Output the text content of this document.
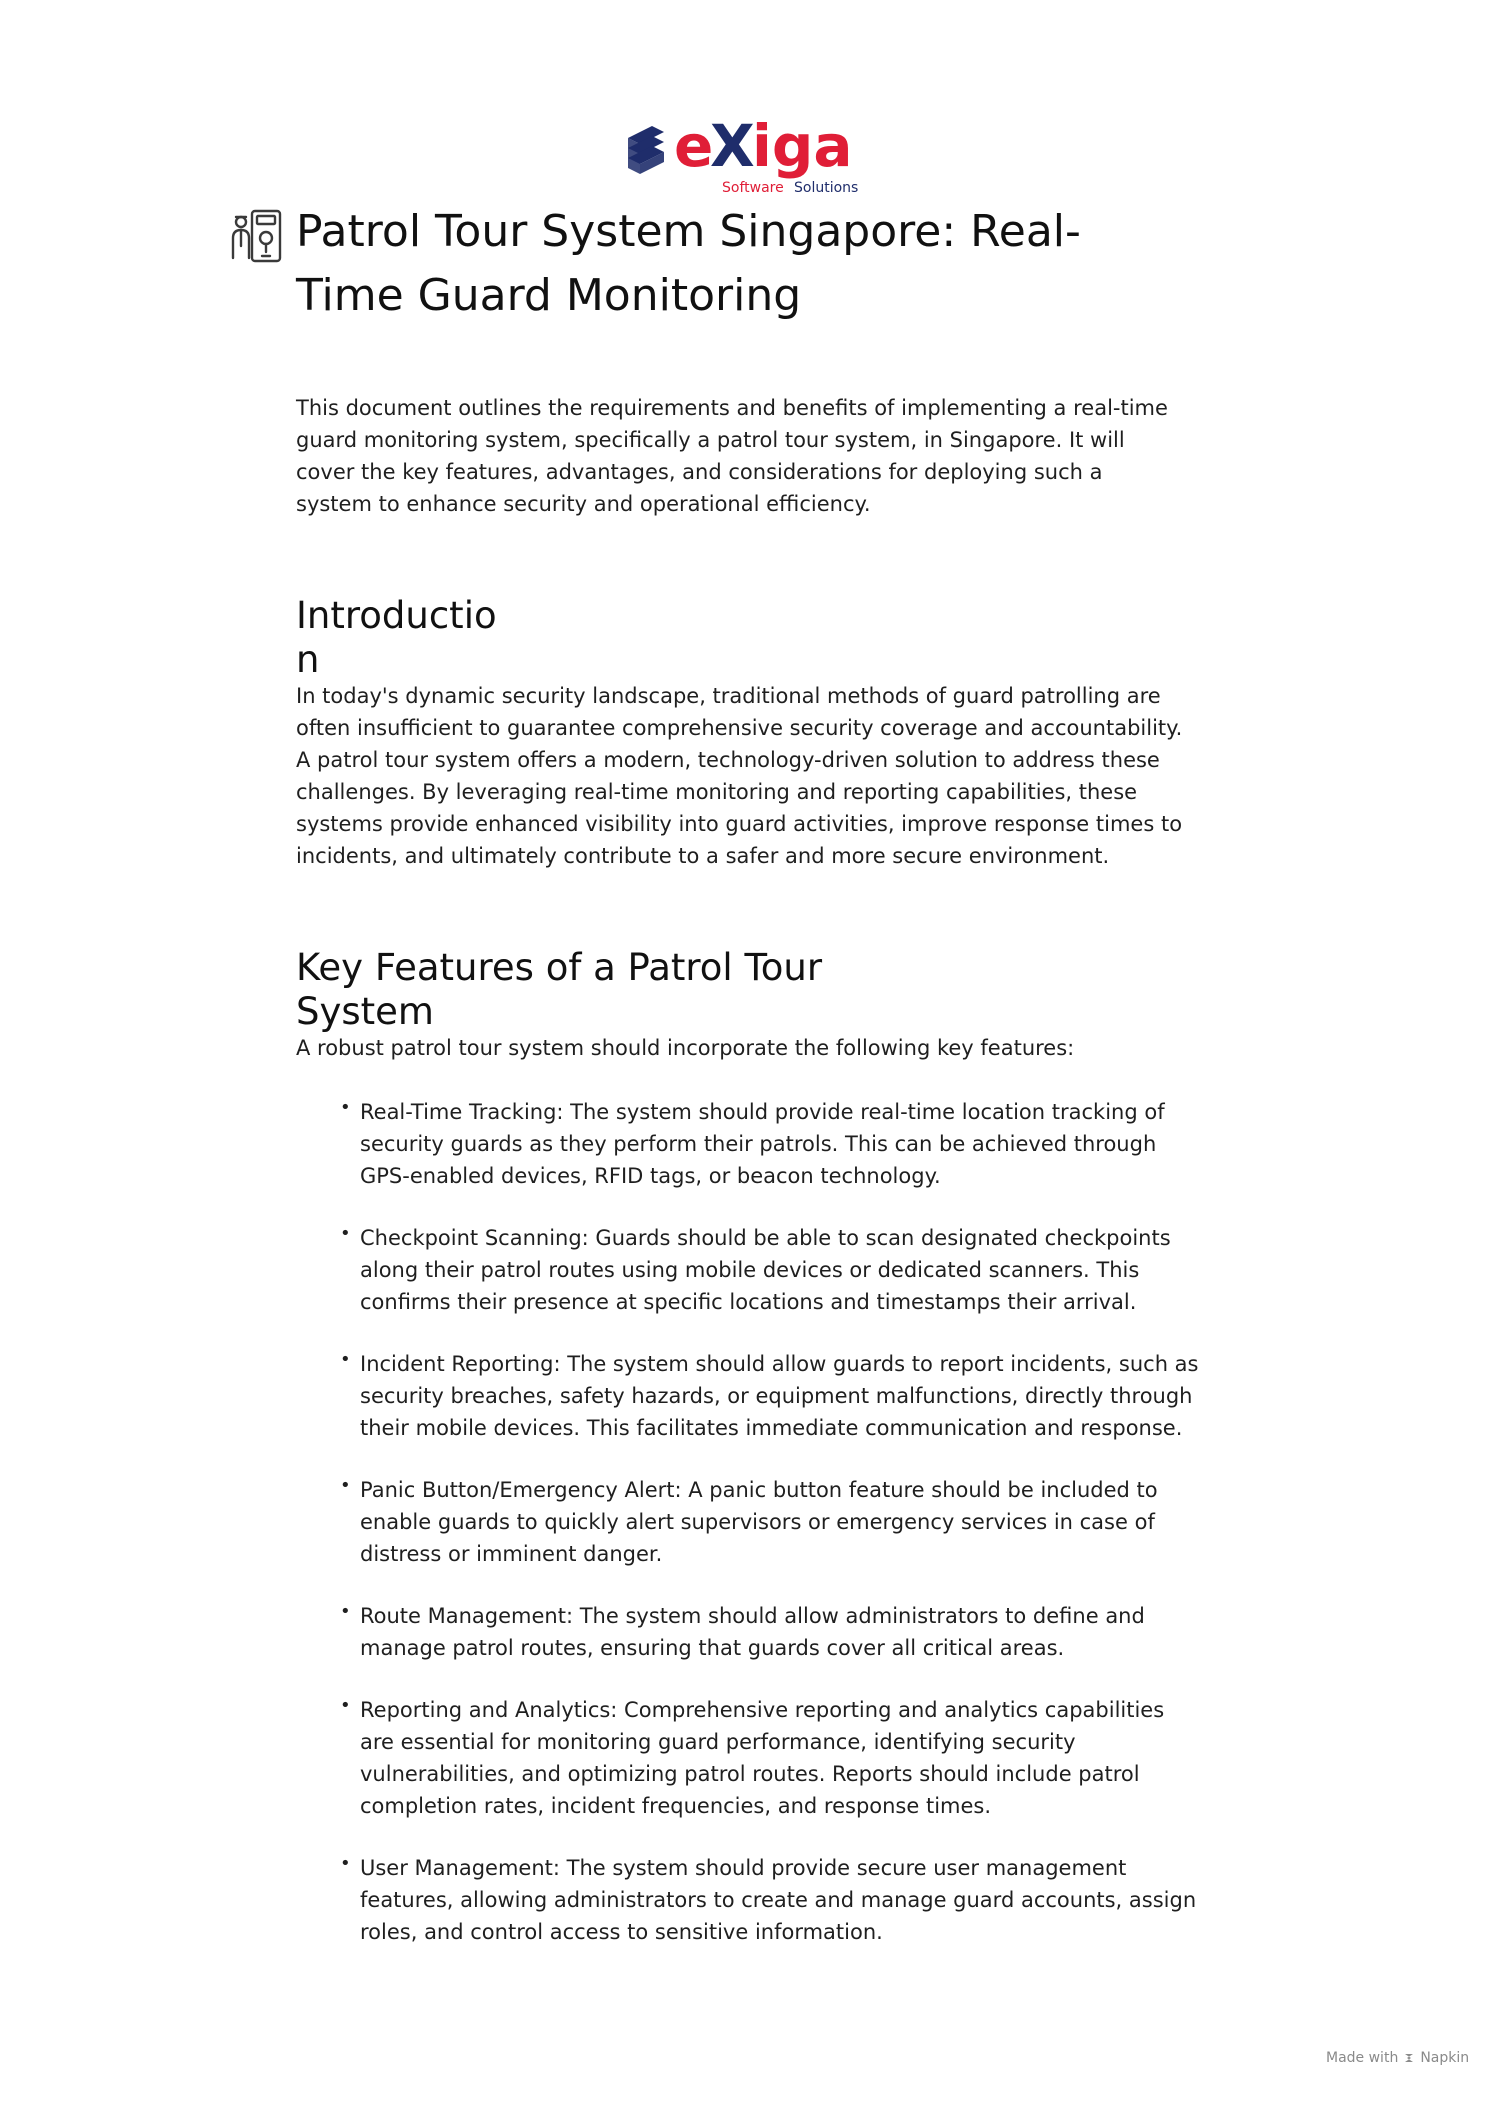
e
X
iga
Software Solutions
Patrol Tour System Singapore: Real-Time Guard Monitoring

This document outlines the requirements and benefits of implementing a real-time guard monitoring system, specifically a patrol tour system, in Singapore. It will cover the key features, advantages, and considerations for deploying such a system to enhance security and operational efficiency.

Introduction

In today's dynamic security landscape, traditional methods of guard patrolling are often insufficient to guarantee comprehensive security coverage and accountability. A patrol tour system offers a modern, technology-driven solution to address these challenges. By leveraging real-time monitoring and reporting capabilities, these systems provide enhanced visibility into guard activities, improve response times to incidents, and ultimately contribute to a safer and more secure environment.

Key Features of a Patrol Tour System

A robust patrol tour system should incorporate the following key features:

• Real-Time Tracking: The system should provide real-time location tracking of security guards as they perform their patrols. This can be achieved through GPS-enabled devices, RFID tags, or beacon technology.
• Checkpoint Scanning: Guards should be able to scan designated checkpoints along their patrol routes using mobile devices or dedicated scanners. This confirms their presence at specific locations and timestamps their arrival.
• Incident Reporting: The system should allow guards to report incidents, such as security breaches, safety hazards, or equipment malfunctions, directly through their mobile devices. This facilitates immediate communication and response.
• Panic Button/Emergency Alert: A panic button feature should be included to enable guards to quickly alert supervisors or emergency services in case of distress or imminent danger.
• Route Management: The system should allow administrators to define and manage patrol routes, ensuring that guards cover all critical areas.
• Reporting and Analytics: Comprehensive reporting and analytics capabilities are essential for monitoring guard performance, identifying security vulnerabilities, and optimizing patrol routes. Reports should include patrol completion rates, incident frequencies, and response times.
• User Management: The system should provide secure user management features, allowing administrators to create and manage guard accounts, assign roles, and control access to sensitive information.
Made with Napkin
